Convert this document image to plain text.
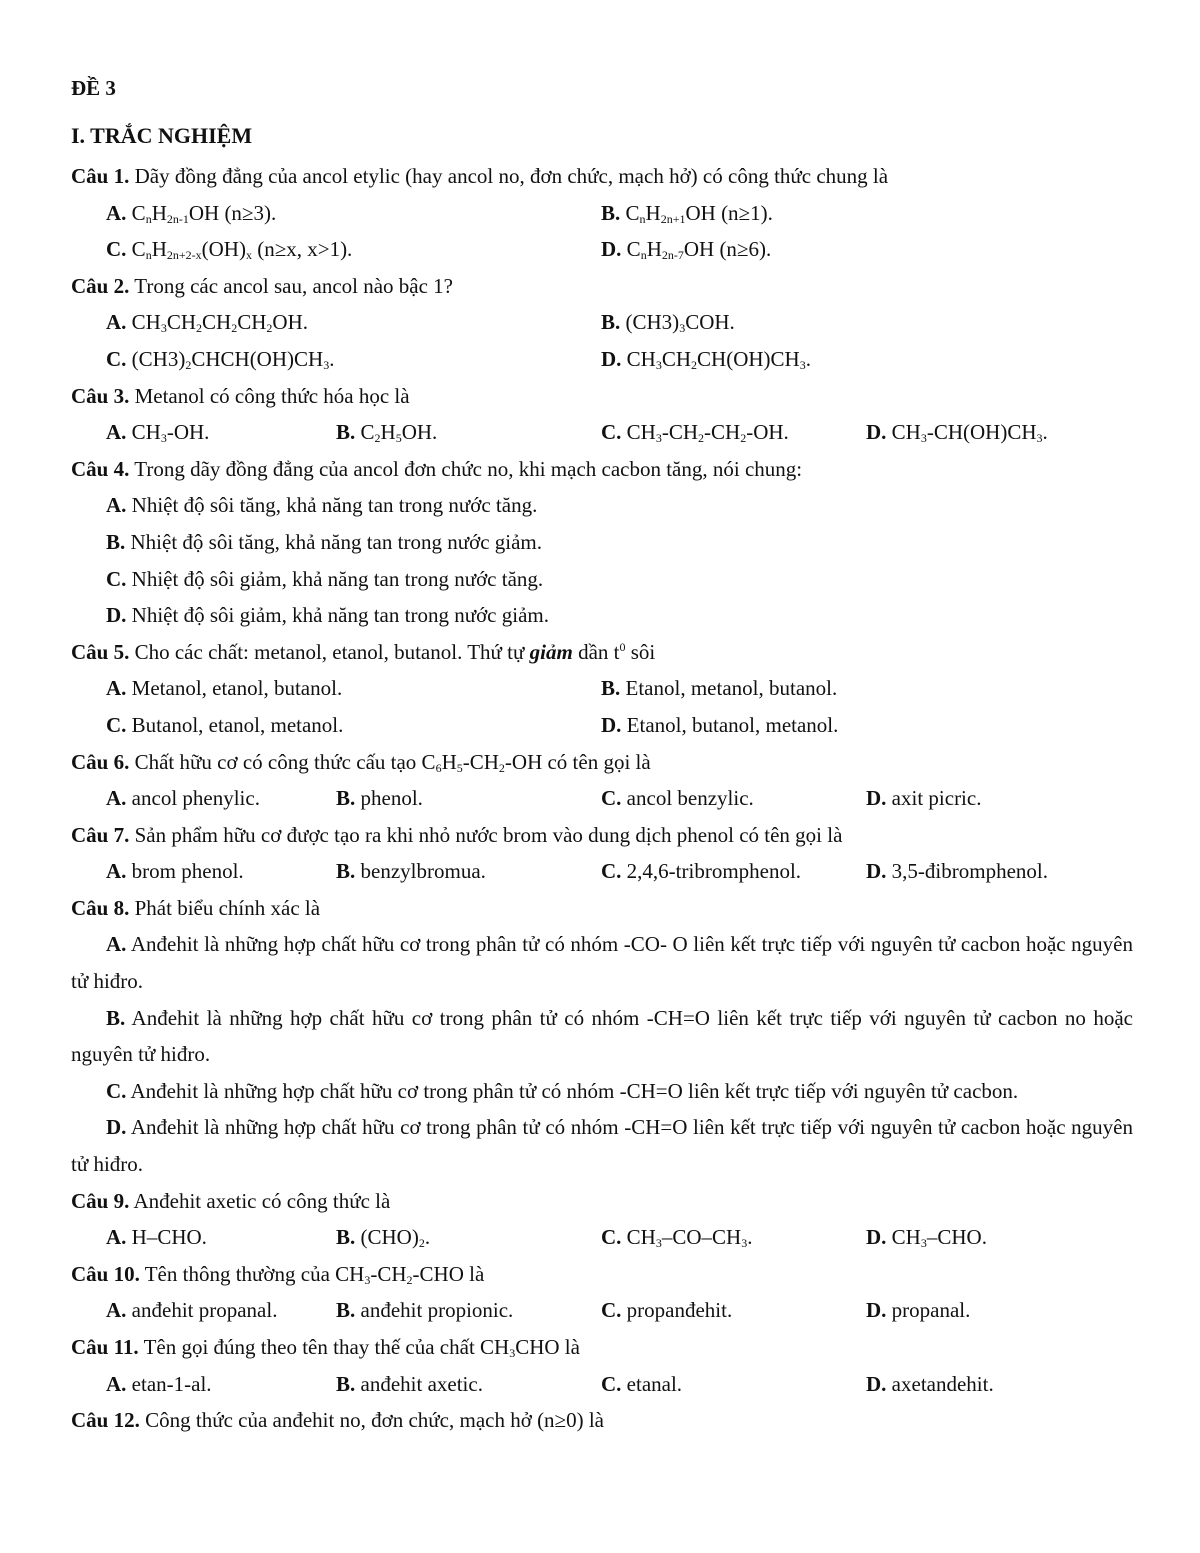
ĐỀ 3
I. TRẮC NGHIỆM
Câu 1. Dãy đồng đẳng của ancol etylic (hay ancol no, đơn chức, mạch hở) có công thức chung là
A. $C_nH_{2n-1}OH$ (n≥3).	B. $C_nH_{2n+1}OH$ (n≥1).
C. $C_nH_{2n+2-x}(OH)_x$ (n≥x, x>1).	D. $C_nH_{2n-7}OH$ (n≥6).
Câu 2. Trong các ancol sau, ancol nào bậc 1?
A. $CH_3CH_2CH_2CH_2OH$.	B. $(CH3)_3COH$.
C. $(CH3)_2CHCH(OH)CH_3$.	D. $CH_3CH_2CH(OH)CH_3$.
Câu 3. Metanol có công thức hóa học là
A. $CH_3-OH$.	B. $C_2H_5OH$.	C. $CH_3-CH_2-CH_2-OH$.	D. $CH_3-CH(OH)CH_3$.
Câu 4. Trong dãy đồng đẳng của ancol đơn chức no, khi mạch cacbon tăng, nói chung:
A.
Nhiệt độ sôi tăng, khả năng tan trong nước tăng.
B.
Nhiệt độ sôi tăng, khả năng tan trong nước giảm.
C.
Nhiệt độ sôi giảm, khả năng tan trong nước tăng.
D.
Nhiệt độ sôi giảm, khả năng tan trong nước giảm.
Câu 5. Cho các chất: metanol, etanol, butanol. Thứ tự giảm dần $t^0$ sôi
A. Metanol, etanol, butanol.	B. Etanol, metanol, butanol.
C. Butanol, etanol, metanol.	D. Etanol, butanol, metanol.
Câu 6. Chất hữu cơ có công thức cấu tạo $C_6H_5-CH_2-OH$ có tên gọi là
A. ancol phenylic.	B. phenol.	C. ancol benzylic.	D. axit picric.
Câu 7. Sản phẩm hữu cơ được tạo ra khi nhỏ nước brom vào dung dịch phenol có tên gọi là
A. brom phenol.	B. benzylbromua.	C. 2,4,6-tribromphenol.	D. 3,5-đibromphenol.
Câu 8. Phát biểu chính xác là
A. Anđehit là những hợp chất hữu cơ trong phân tử có nhóm -CO- O liên kết trực tiếp với nguyên tử cacbon hoặc nguyên tử hiđro.
B. Anđehit là những hợp chất hữu cơ trong phân tử có nhóm -CH=O liên kết trực tiếp với nguyên tử cacbon no hoặc nguyên tử hiđro.
C. Anđehit là những hợp chất hữu cơ trong phân tử có nhóm -CH=O liên kết trực tiếp với nguyên tử cacbon.
D. Anđehit là những hợp chất hữu cơ trong phân tử có nhóm -CH=O liên kết trực tiếp với nguyên tử cacbon hoặc nguyên tử hiđro.
Câu 9. Anđehit axetic có công thức là
A. H–CHO.	B. $(CHO)_2$.	C. $CH_3-CO-CH_3$.	D. $CH_3$–CHO.
Câu 10. Tên thông thường của $CH_3-CH_2$-CHO là
A. anđehit propanal.	B. anđehit propionic.	C. propanđehit.	D. propanal.
Câu 11. Tên gọi đúng theo tên thay thế của chất $CH_3CHO$ là
A. etan-1-al.	B. anđehit axetic.	C. etanal.	D. axetandehit.
Câu 12. Công thức của anđehit no, đơn chức, mạch hở (n≥0) là
